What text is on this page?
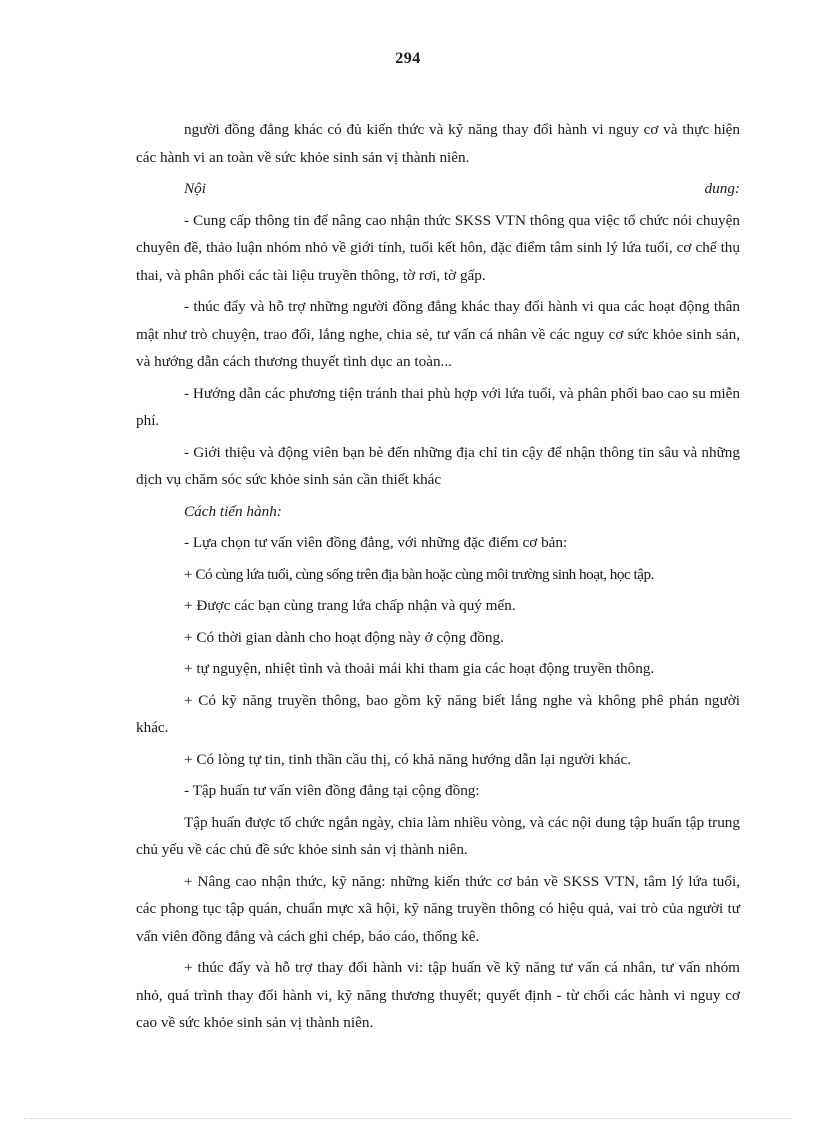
294

người đồng đẳng khác có đủ kiến thức và kỹ năng thay đổi hành vi nguy cơ và thực hiện các hành vi an toàn về sức khỏe sinh sản vị thành niên.

Nội dung:

- Cung cấp thông tin để nâng cao nhận thức SKSS VTN thông qua việc tổ chức nói chuyện chuyên đề, thảo luận nhóm nhỏ về giới tính, tuổi kết hôn, đặc điểm tâm sinh lý lứa tuổi, cơ chế thụ thai, và phân phối các tài liệu truyền thông, tờ rơi, tờ gấp.

- thúc đẩy và hỗ trợ những người đồng đẳng khác thay đổi hành vi qua các hoạt động thân mật như trò chuyện, trao đổi, lắng nghe, chia sẻ, tư vấn cá nhân về các nguy cơ sức khỏe sinh sản, và hướng dẫn cách thương thuyết tình dục an toàn...

- Hướng dẫn các phương tiện tránh thai phù hợp với lứa tuổi, và phân phối bao cao su miễn phí.

- Giới thiệu và động viên bạn bè đến những địa chỉ tin cậy để nhận thông tin sâu và những dịch vụ chăm sóc sức khỏe sinh sản cần thiết khác

Cách tiến hành:

- Lựa chọn tư vấn viên đồng đẳng, với những đặc điểm cơ bản:

+ Có cùng lứa tuổi, cùng sống trên địa bàn hoặc cùng môi trường sinh hoạt, học tập.

+ Được các bạn cùng trang lứa chấp nhận và quý mến.

+ Có thời gian dành cho hoạt động này ở cộng đồng.

+ tự nguyện, nhiệt tình và thoải mái khi tham gia các hoạt động truyền thông.

+ Có kỹ năng truyền thông, bao gồm kỹ năng biết lắng nghe và không phê phán người khác.

+ Có lòng tự tin, tinh thần cầu thị, có khả năng hướng dẫn lại người khác.

- Tập huấn tư vấn viên đồng đẳng tại cộng đồng:

Tập huấn được tổ chức ngắn ngày, chia làm nhiều vòng, và các nội dung tập huấn tập trung chủ yếu về các chủ đề sức khỏe sinh sản vị thành niên.

+ Nâng cao nhận thức, kỹ năng: những kiến thức cơ bản về SKSS VTN, tâm lý lứa tuổi, các phong tục tập quán, chuẩn mực xã hội, kỹ năng truyền thông có hiệu quả, vai trò của người tư vấn viên đồng đẳng và cách ghi chép, báo cáo, thống kê.

+ thúc đẩy và hỗ trợ thay đổi hành vi: tập huấn về kỹ năng tư vấn cá nhân, tư vấn nhóm nhỏ, quá trình thay đổi hành vi, kỹ năng thương thuyết; quyết định - từ chối các hành vi nguy cơ cao về sức khỏe sinh sản vị thành niên.
